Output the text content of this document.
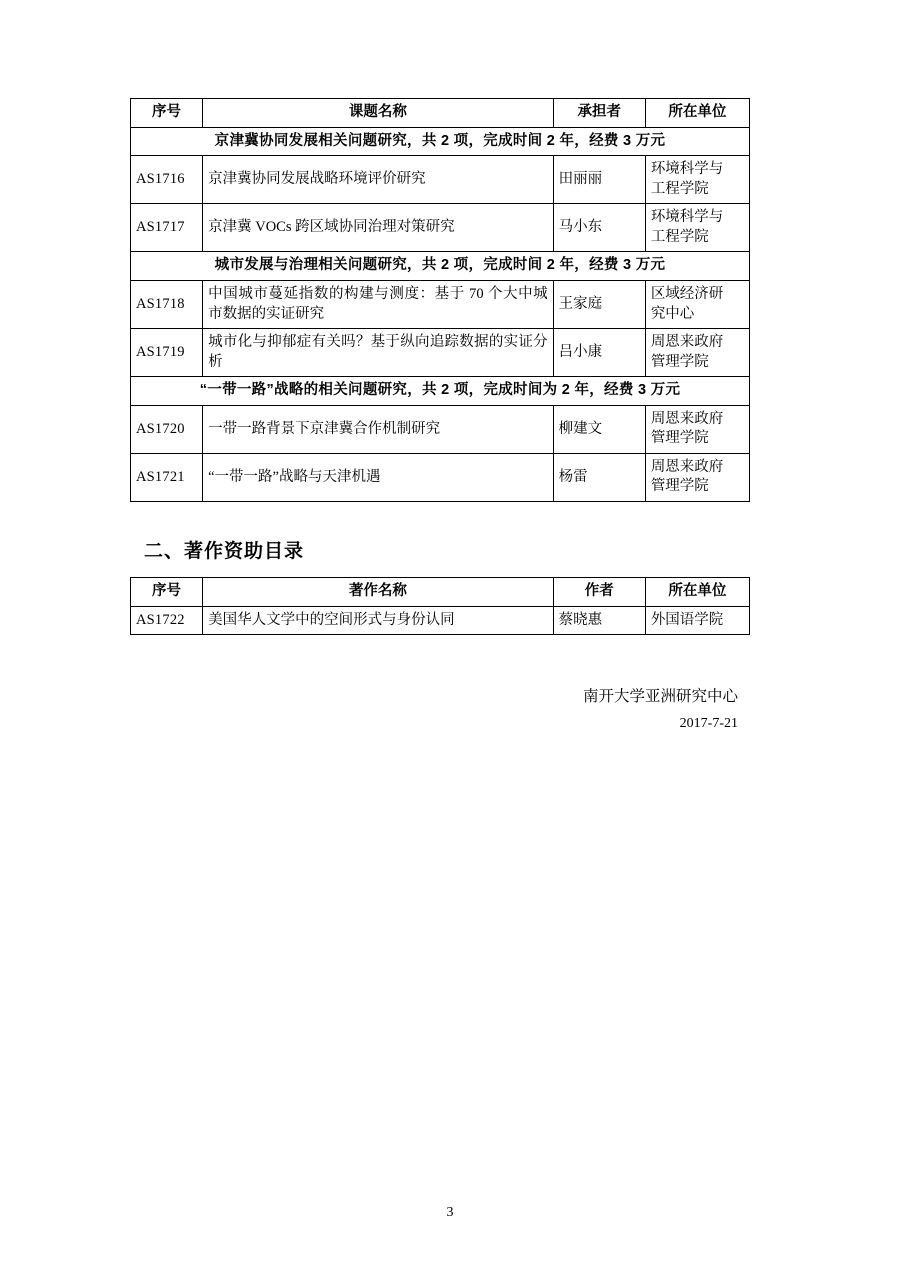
序号	课题名称	承担者	所在单位
京津冀协同发展相关问题研究，共 2 项，完成时间 2 年，经费 3 万元			
AS1716	京津冀协同发展战略环境评价研究	田丽丽	环境科学与
工程学院

AS1717	京津冀 VOCs 跨区域协同治理对策研究	马小东	环境科学与
工程学院

城市发展与治理相关问题研究，共 2 项，完成时间 2 年，经费 3 万元			
AS1718	中国城市蔓延指数的构建与测度：基于 70 个大中城市数据的实证研究	王家庭	区域经济研
究中心

AS1719	城市化与抑郁症有关吗？基于纵向追踪数据的实证分析	吕小康	周恩来政府
管理学院

“一带一路”战略的相关问题研究，共 2 项，完成时间为 2 年，经费 3 万元			
AS1720	一带一路背景下京津冀合作机制研究	柳建文	周恩来政府
管理学院

AS1721	“一带一路”战略与天津机遇	杨雷	周恩来政府
管理学院
二、著作资助目录
序号	著作名称	作者	所在单位
AS1722	美国华人文学中的空间形式与身份认同	蔡晓惠	外国语学院
南开大学亚洲研究中心
2017-7-21
3
